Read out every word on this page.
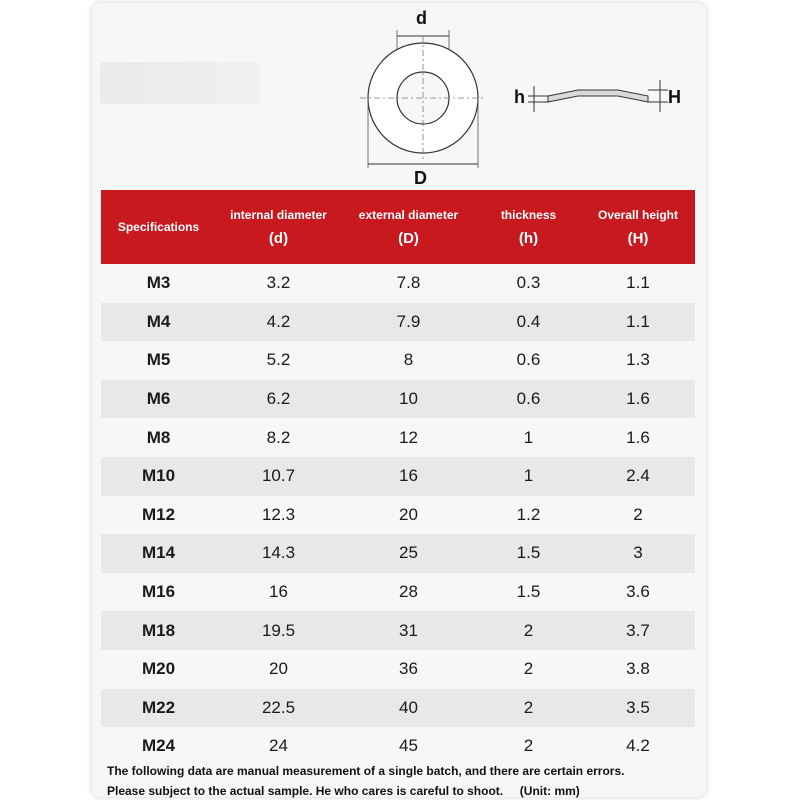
d
D
h	H
Specifications
internal diameter
(d)
external diameter
(D)
thickness
(h)
Overall height
(H)
M3	3.2	7.8	0.3	1.1
M4	4.2	7.9	0.4	1.1
M5	5.2	8	0.6	1.3
M6	6.2	10	0.6	1.6
M8	8.2	12	1	1.6
M10	10.7	16	1	2.4
M12	12.3	20	1.2	2
M14	14.3	25	1.5	3
M16	16	28	1.5	3.6
M18	19.5	31	2	3.7
M20	20	36	2	3.8
M22	22.5	40	2	3.5
M24	24	45	2	4.2
The following data are manual measurement of a single batch, and there are certain errors.
Please subject to the actual sample. He who cares is careful to shoot.     (Unit: mm)
